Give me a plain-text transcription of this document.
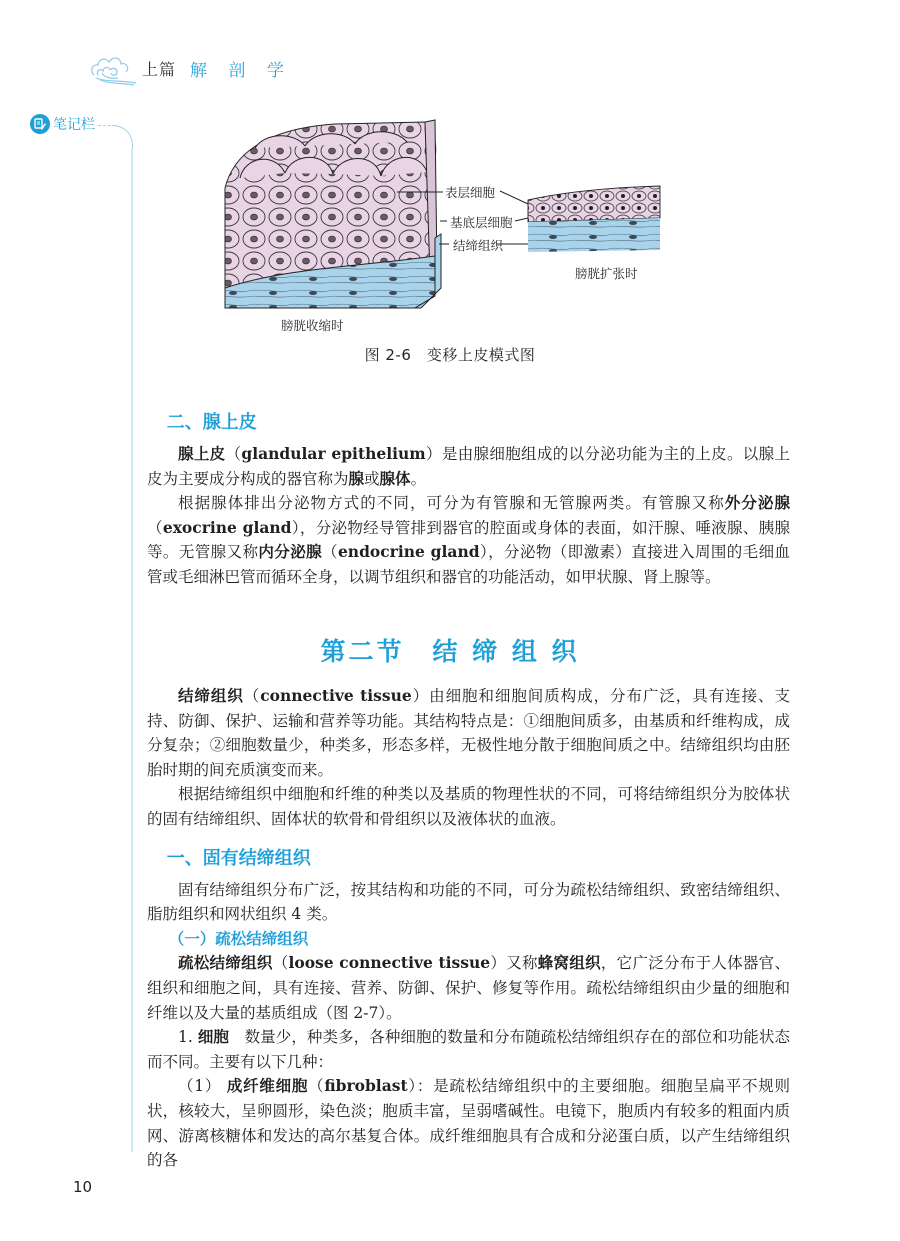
上篇 解 剖 学
笔记栏
表层细胞
基底层细胞
结缔组织
膀胱收缩时
膀胱扩张时
图 2-6　变移上皮模式图
二、腺上皮

腺上皮（glandular epithelium）是由腺细胞组成的以分泌功能为主的上皮。以腺上皮为主要成分构成的器官称为腺或腺体。

根据腺体排出分泌物方式的不同，可分为有管腺和无管腺两类。有管腺又称外分泌腺（exocrine gland），分泌物经导管排到器官的腔面或身体的表面，如汗腺、唾液腺、胰腺等。无管腺又称内分泌腺（endocrine gland），分泌物（即激素）直接进入周围的毛细血管或毛细淋巴管而循环全身，以调节组织和器官的功能活动，如甲状腺、肾上腺等。

第二节　结 缔 组 织

结缔组织（connective tissue）由细胞和细胞间质构成，分布广泛，具有连接、支持、防御、保护、运输和营养等功能。其结构特点是：①细胞间质多，由基质和纤维构成，成分复杂；②细胞数量少，种类多，形态多样，无极性地分散于细胞间质之中。结缔组织均由胚胎时期的间充质演变而来。

根据结缔组织中细胞和纤维的种类以及基质的物理性状的不同，可将结缔组织分为胶体状的固有结缔组织、固体状的软骨和骨组织以及液体状的血液。

一、固有结缔组织

固有结缔组织分布广泛，按其结构和功能的不同，可分为疏松结缔组织、致密结缔组织、脂肪组织和网状组织 4 类。

（一）疏松结缔组织

疏松结缔组织（loose connective tissue）又称蜂窝组织，它广泛分布于人体器官、组织和细胞之间，具有连接、营养、防御、保护、修复等作用。疏松结缔组织由少量的细胞和纤维以及大量的基质组成（图 2-7）。

1. 细胞　数量少，种类多，各种细胞的数量和分布随疏松结缔组织存在的部位和功能状态而不同。主要有以下几种：

（1） 成纤维细胞（fibroblast）：是疏松结缔组织中的主要细胞。细胞呈扁平不规则状，核较大，呈卵圆形，染色淡；胞质丰富，呈弱嗜碱性。电镜下，胞质内有较多的粗面内质网、游离核糖体和发达的高尔基复合体。成纤维细胞具有合成和分泌蛋白质，以产生结缔组织的各

10
